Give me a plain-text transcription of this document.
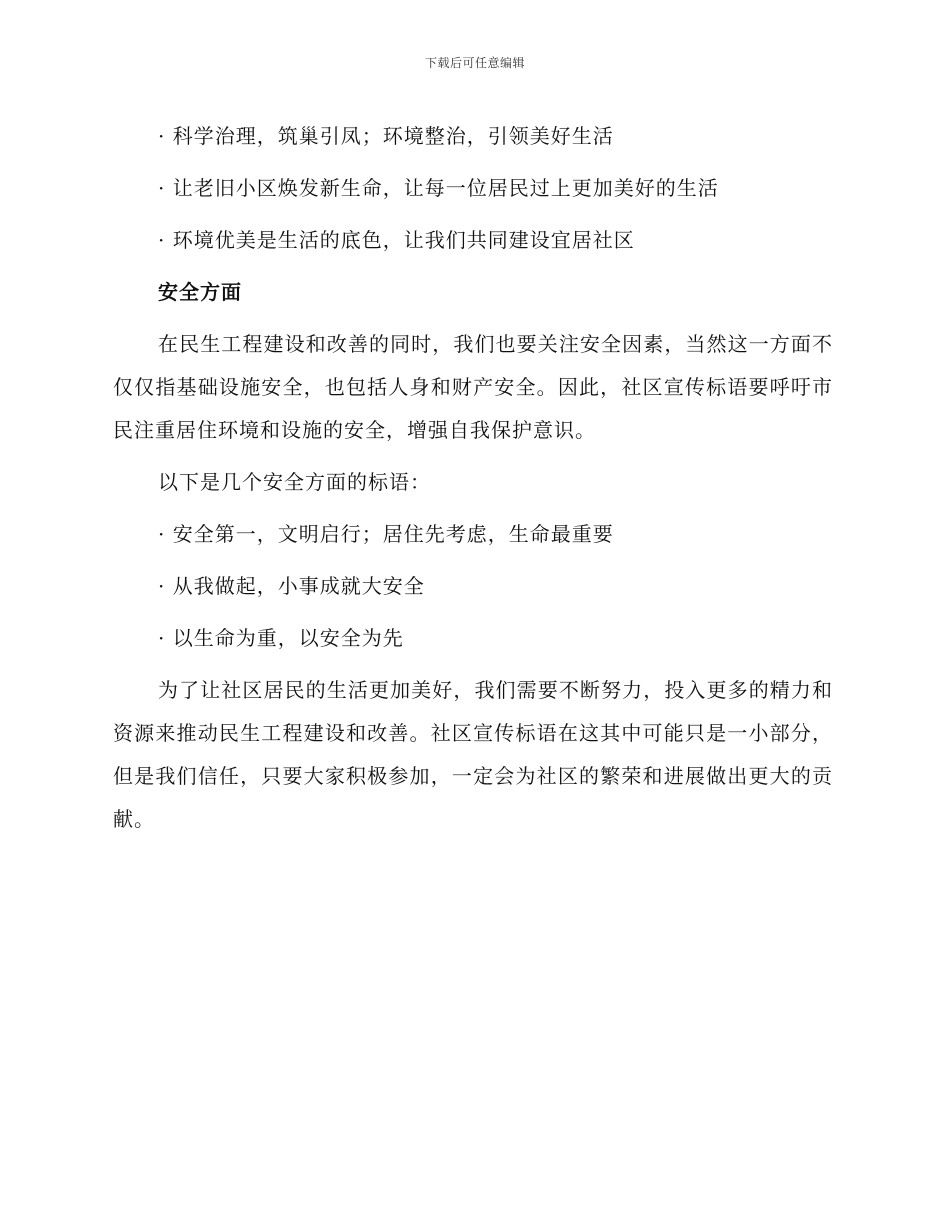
下载后可任意编辑
· 科学治理，筑巢引凤；环境整治，引领美好生活
· 让老旧小区焕发新生命，让每一位居民过上更加美好的生活
· 环境优美是生活的底色，让我们共同建设宜居社区
安全方面
在民生工程建设和改善的同时，我们也要关注安全因素，当然这一方面不仅仅指基础设施安全，也包括人身和财产安全。因此，社区宣传标语要呼吁市民注重居住环境和设施的安全，增强自我保护意识。
以下是几个安全方面的标语：
· 安全第一，文明启行；居住先考虑，生命最重要
· 从我做起，小事成就大安全
· 以生命为重，以安全为先
为了让社区居民的生活更加美好，我们需要不断努力，投入更多的精力和资源来推动民生工程建设和改善。社区宣传标语在这其中可能只是一小部分，但是我们信任，只要大家积极参加，一定会为社区的繁荣和进展做出更大的贡献。
